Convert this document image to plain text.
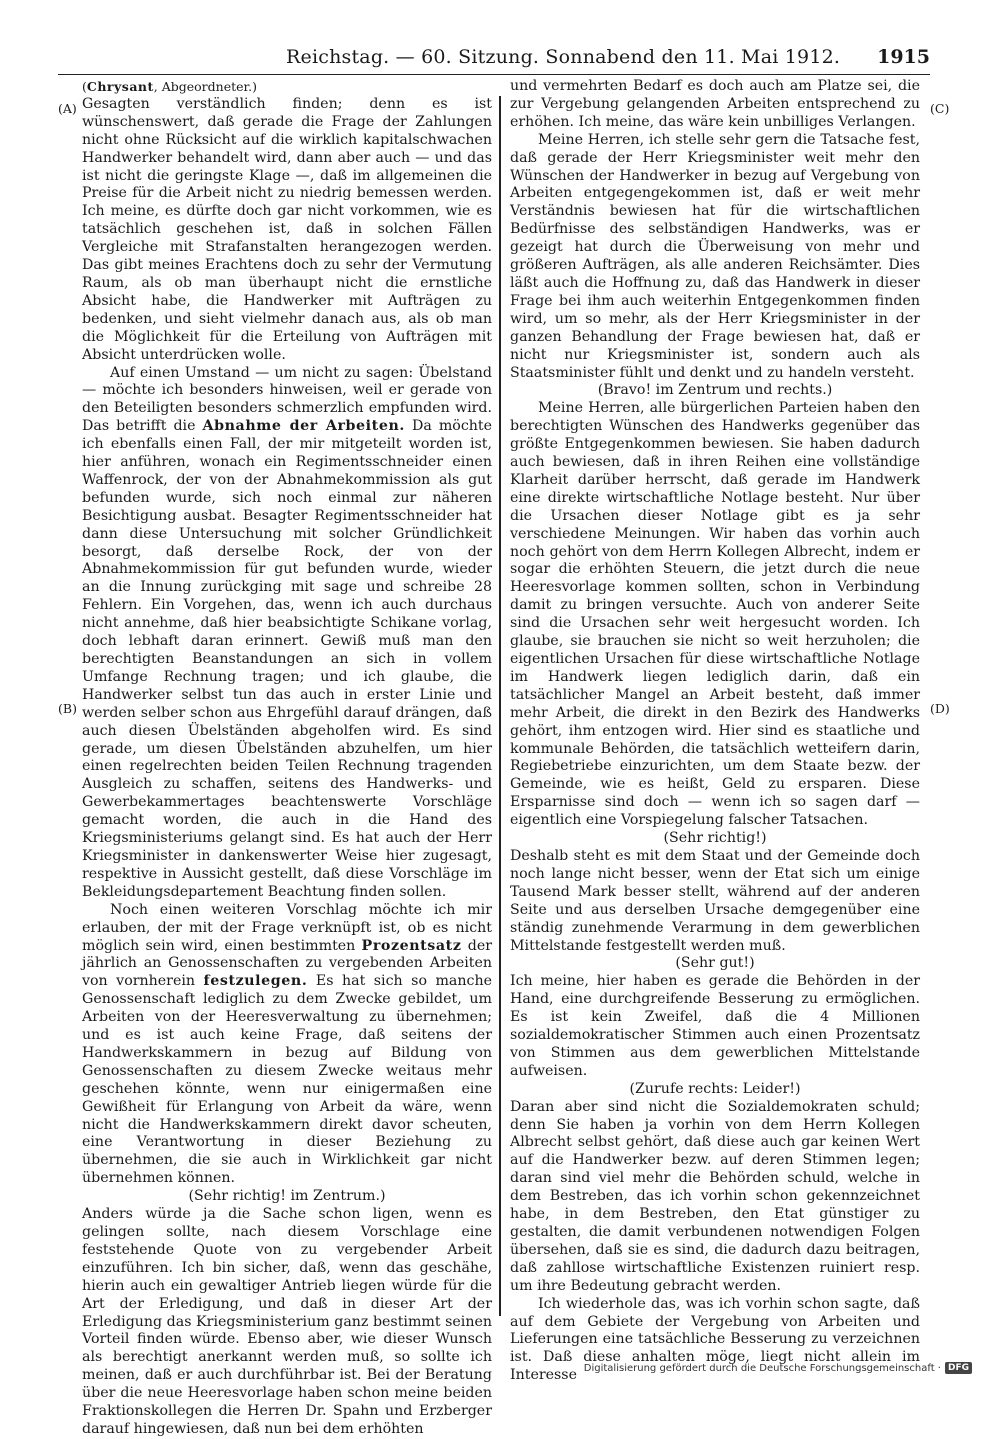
Reichstag. — 60. Sitzung. Sonnabend den 11. Mai 1912. 1915
(A)
(B)
(C)
(D)

(Chrysant, Abgeordneter.)

Gesagten verständlich finden; denn es ist wünschenswert, daß gerade die Frage der Zahlungen nicht ohne Rücksicht auf die wirklich kapitalschwachen Handwerker behandelt wird, dann aber auch — und das ist nicht die geringste Klage —, daß im allgemeinen die Preise für die Arbeit nicht zu niedrig bemessen werden. Ich meine, es dürfte doch gar nicht vorkommen, wie es tatsächlich geschehen ist, daß in solchen Fällen Vergleiche mit Strafanstalten herangezogen werden. Das gibt meines Erachtens doch zu sehr der Vermutung Raum, als ob man überhaupt nicht die ernstliche Absicht habe, die Handwerker mit Aufträgen zu bedenken, und sieht vielmehr danach aus, als ob man die Möglichkeit für die Erteilung von Aufträgen mit Absicht unterdrücken wolle.

Auf einen Umstand — um nicht zu sagen: Übelstand — möchte ich besonders hinweisen, weil er gerade von den Beteiligten besonders schmerzlich empfunden wird. Das betrifft die Abnahme der Arbeiten. Da möchte ich ebenfalls einen Fall, der mir mitgeteilt worden ist, hier anführen, wonach ein Regimentsschneider einen Waffenrock, der von der Abnahmekommission als gut befunden wurde, sich noch einmal zur näheren Besichtigung ausbat. Besagter Regimentsschneider hat dann diese Untersuchung mit solcher Gründlichkeit besorgt, daß derselbe Rock, der von der Abnahmekommission für gut befunden wurde, wieder an die Innung zurückging mit sage und schreibe 28 Fehlern. Ein Vorgehen, das, wenn ich auch durchaus nicht annehme, daß hier beabsichtigte Schikane vorlag, doch lebhaft daran erinnert. Gewiß muß man den berechtigten Beanstandungen an sich in vollem Umfange Rechnung tragen; und ich glaube, die Handwerker selbst tun das auch in erster Linie und werden selber schon aus Ehrgefühl darauf drängen, daß auch diesen Übelständen abgeholfen wird. Es sind gerade, um diesen Übelständen abzuhelfen, um hier einen regelrechten beiden Teilen Rechnung tragenden Ausgleich zu schaffen, seitens des Handwerks- und Gewerbekammertages beachtenswerte Vorschläge gemacht worden, die auch in die Hand des Kriegsministeriums gelangt sind. Es hat auch der Herr Kriegsminister in dankenswerter Weise hier zugesagt, respektive in Aussicht gestellt, daß diese Vorschläge im Bekleidungsdepartement Beachtung finden sollen.

Noch einen weiteren Vorschlag möchte ich mir erlauben, der mit der Frage verknüpft ist, ob es nicht möglich sein wird, einen bestimmten Prozentsatz der jährlich an Genossenschaften zu vergebenden Arbeiten von vornherein festzulegen. Es hat sich so manche Genossenschaft lediglich zu dem Zwecke gebildet, um Arbeiten von der Heeresverwaltung zu übernehmen; und es ist auch keine Frage, daß seitens der Handwerkskammern in bezug auf Bildung von Genossenschaften zu diesem Zwecke weitaus mehr geschehen könnte, wenn nur einigermaßen eine Gewißheit für Erlangung von Arbeit da wäre, wenn nicht die Handwerkskammern direkt davor scheuten, eine Verantwortung in dieser Beziehung zu übernehmen, die sie auch in Wirklichkeit gar nicht übernehmen können.

(Sehr richtig! im Zentrum.)

Anders würde ja die Sache schon ligen, wenn es gelingen sollte, nach diesem Vorschlage eine feststehende Quote von zu vergebender Arbeit einzuführen. Ich bin sicher, daß, wenn das geschähe, hierin auch ein gewaltiger Antrieb liegen würde für die Art der Erledigung, und daß in dieser Art der Erledigung das Kriegsministerium ganz bestimmt seinen Vorteil finden würde. Ebenso aber, wie dieser Wunsch als berechtigt anerkannt werden muß, so sollte ich meinen, daß er auch durchführbar ist. Bei der Beratung über die neue Heeresvorlage haben schon meine beiden Fraktionskollegen die Herren Dr. Spahn und Erzberger darauf hingewiesen, daß nun bei dem erhöhten

und vermehrten Bedarf es doch auch am Platze sei, die zur Vergebung gelangenden Arbeiten entsprechend zu erhöhen. Ich meine, das wäre kein unbilliges Verlangen.

Meine Herren, ich stelle sehr gern die Tatsache fest, daß gerade der Herr Kriegsminister weit mehr den Wünschen der Handwerker in bezug auf Vergebung von Arbeiten entgegengekommen ist, daß er weit mehr Verständnis bewiesen hat für die wirtschaftlichen Bedürfnisse des selbständigen Handwerks, was er gezeigt hat durch die Überweisung von mehr und größeren Aufträgen, als alle anderen Reichsämter. Dies läßt auch die Hoffnung zu, daß das Handwerk in dieser Frage bei ihm auch weiterhin Entgegenkommen finden wird, um so mehr, als der Herr Kriegsminister in der ganzen Behandlung der Frage bewiesen hat, daß er nicht nur Kriegsminister ist, sondern auch als Staatsminister fühlt und denkt und zu handeln versteht.

(Bravo! im Zentrum und rechts.)

Meine Herren, alle bürgerlichen Parteien haben den berechtigten Wünschen des Handwerks gegenüber das größte Entgegenkommen bewiesen. Sie haben dadurch auch bewiesen, daß in ihren Reihen eine vollständige Klarheit darüber herrscht, daß gerade im Handwerk eine direkte wirtschaftliche Notlage besteht. Nur über die Ursachen dieser Notlage gibt es ja sehr verschiedene Meinungen. Wir haben das vorhin auch noch gehört von dem Herrn Kollegen Albrecht, indem er sogar die erhöhten Steuern, die jetzt durch die neue Heeresvorlage kommen sollten, schon in Verbindung damit zu bringen versuchte. Auch von anderer Seite sind die Ursachen sehr weit hergesucht worden. Ich glaube, sie brauchen sie nicht so weit herzuholen; die eigentlichen Ursachen für diese wirtschaftliche Notlage im Handwerk liegen lediglich darin, daß ein tatsächlicher Mangel an Arbeit besteht, daß immer mehr Arbeit, die direkt in den Bezirk des Handwerks gehört, ihm entzogen wird. Hier sind es staatliche und kommunale Behörden, die tatsächlich wetteifern darin, Regiebetriebe einzurichten, um dem Staate bezw. der Gemeinde, wie es heißt, Geld zu ersparen. Diese Ersparnisse sind doch — wenn ich so sagen darf — eigentlich eine Vorspiegelung falscher Tatsachen.

(Sehr richtig!)

Deshalb steht es mit dem Staat und der Gemeinde doch noch lange nicht besser, wenn der Etat sich um einige Tausend Mark besser stellt, während auf der anderen Seite und aus derselben Ursache demgegenüber eine ständig zunehmende Verarmung in dem gewerblichen Mittelstande festgestellt werden muß.

(Sehr gut!)

Ich meine, hier haben es gerade die Behörden in der Hand, eine durchgreifende Besserung zu ermöglichen. Es ist kein Zweifel, daß die 4 Millionen sozialdemokratischer Stimmen auch einen Prozentsatz von Stimmen aus dem gewerblichen Mittelstande aufweisen.

(Zurufe rechts: Leider!)

Daran aber sind nicht die Sozialdemokraten schuld; denn Sie haben ja vorhin von dem Herrn Kollegen Albrecht selbst gehört, daß diese auch gar keinen Wert auf die Handwerker bezw. auf deren Stimmen legen; daran sind viel mehr die Behörden schuld, welche in dem Bestreben, das ich vorhin schon gekennzeichnet habe, in dem Bestreben, den Etat günstiger zu gestalten, die damit verbundenen notwendigen Folgen übersehen, daß sie es sind, die dadurch dazu beitragen, daß zahllose wirtschaftliche Existenzen ruiniert resp. um ihre Bedeutung gebracht werden.

Ich wiederhole das, was ich vorhin schon sagte, daß auf dem Gebiete der Vergebung von Arbeiten und Lieferungen eine tatsächliche Besserung zu verzeichnen ist. Daß diese anhalten möge, liegt nicht allein im Interesse Digitalisierung gefördert durch die Deutsche Forschungsgemeinschaft · DFG
